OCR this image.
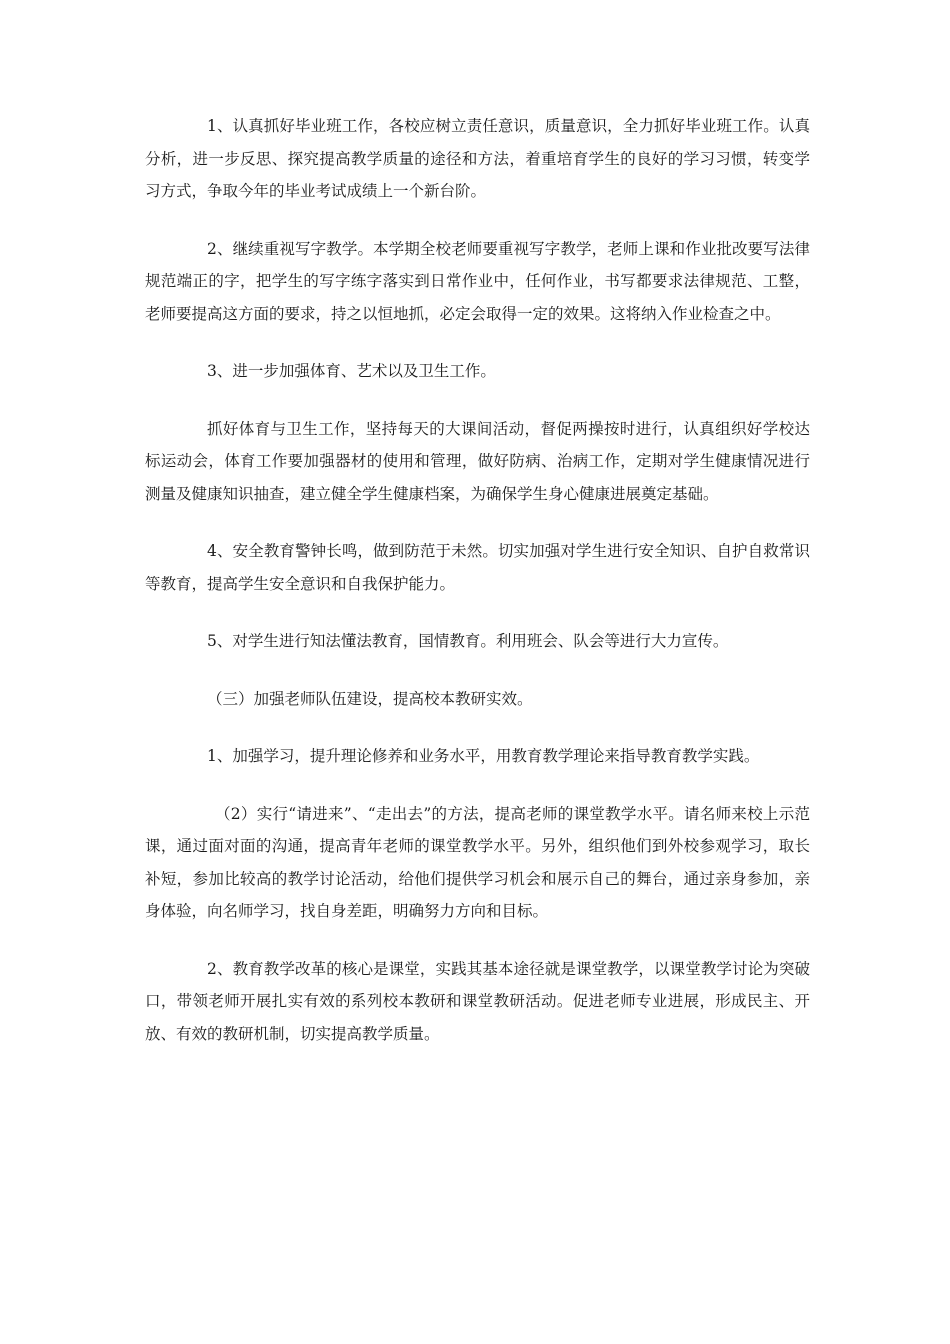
1、认真抓好毕业班工作，各校应树立责任意识，质量意识，全力抓好毕业班工作。认真分析，进一步反思、探究提高教学质量的途径和方法，着重培育学生的良好的学习习惯，转变学习方式，争取今年的毕业考试成绩上一个新台阶。

2、继续重视写字教学。本学期全校老师要重视写字教学，老师上课和作业批改要写法律规范端正的字，把学生的写字练字落实到日常作业中，任何作业，书写都要求法律规范、工整，老师要提高这方面的要求，持之以恒地抓，必定会取得一定的效果。这将纳入作业检查之中。

3、进一步加强体育、艺术以及卫生工作。

抓好体育与卫生工作，坚持每天的大课间活动，督促两操按时进行，认真组织好学校达标运动会，体育工作要加强器材的使用和管理，做好防病、治病工作，定期对学生健康情况进行测量及健康知识抽查，建立健全学生健康档案，为确保学生身心健康进展奠定基础。

4、安全教育警钟长鸣，做到防范于未然。切实加强对学生进行安全知识、自护自救常识等教育，提高学生安全意识和自我保护能力。

5、对学生进行知法懂法教育，国情教育。利用班会、队会等进行大力宣传。

（三）加强老师队伍建设，提高校本教研实效。

1、加强学习，提升理论修养和业务水平，用教育教学理论来指导教育教学实践。

（2）实行“请进来”、“走出去”的方法，提高老师的课堂教学水平。请名师来校上示范课，通过面对面的沟通，提高青年老师的课堂教学水平。另外，组织他们到外校参观学习，取长补短，参加比较高的教学讨论活动，给他们提供学习机会和展示自己的舞台，通过亲身参加，亲身体验，向名师学习，找自身差距，明确努力方向和目标。

2、教育教学改革的核心是课堂，实践其基本途径就是课堂教学，以课堂教学讨论为突破口，带领老师开展扎实有效的系列校本教研和课堂教研活动。促进老师专业进展，形成民主、开放、有效的教研机制，切实提高教学质量。
